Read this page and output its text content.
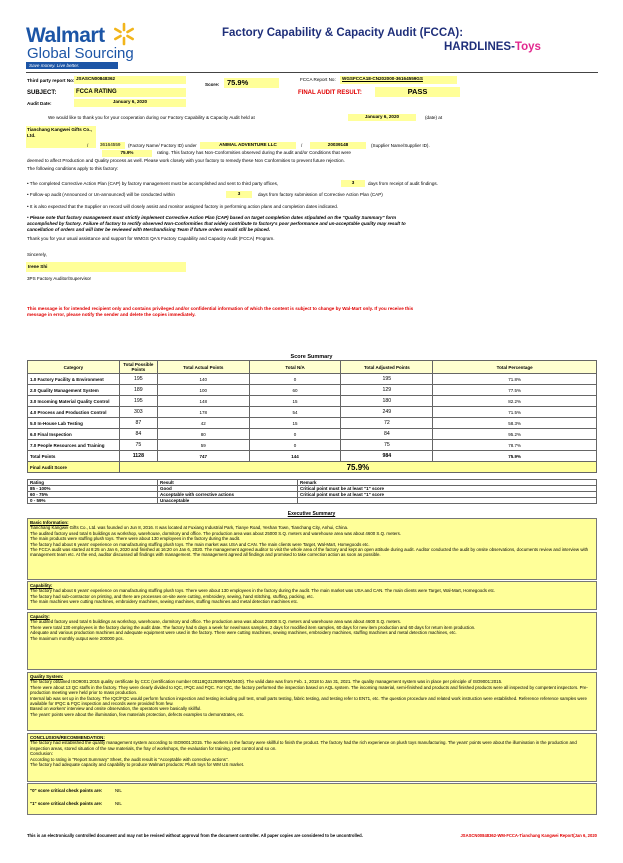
Walmart
Global Sourcing
Save money. Live better.
Factory Capability & Capacity Audit (FCCA):
HARDLINES-Toys
Third party report No: JSASCN00848362
Score:	75.9%	FCCA Report No:	WGSFCCA18-CN202000-36164559GS
SUBJECT:	FCCA RATING	FINAL AUDIT RESULT:	PASS
Audit Date:	January 6, 2020
We would like to thank you for your cooperation during our Factory Capability & Capacity Audit held at	January 6, 2020	(date) at
Tianchang Kangwei Gifts Co., Ltd.
/	36164559	(Factory Name/ Factory ID) under	ANIMAL ADVENTURE LLC	/	20039148	(Supplier Name/Supplier ID).
75.9%	rating. This factory has Non-Conformities observed during the audit and/or Conditions that were
deemed to affect Production and Quality process as well. Please work closely with your factory to remedy these Non Conformities to prevent future rejection.
The following conditions apply to this factory:
• The completed Corrective Action Plan (CAP) by factory management must be accomplished and sent to third party offices,	3	days from receipt of audit findings.
• Follow-up audit (Announced or Un-announced) will be conducted within	3	days from factory submission of Corrective Action Plan (CAP)
• It is also expected that the Supplier on record will closely assist and monitor assigned factory in performing action plans and completion dates indicated.
• Please note that factory management must strictly implement Corrective Action Plan (CAP) based on target completion dates stipulated on the "Quality Summary" form
accomplished by factory. Failure of factory to rectify observed Non-Conformities that widely contribute to factory's poor performance and un-acceptable quality may result to
cancellation of orders and will later be reviewed with Merchandising Team if future orders would still be placed.
Thank you for your usual assistance and support for WMGS QA's Factory Capability and Capacity Audit (FCCA) Program.
Sincerely,
Irene Shi
3PS Factory Auditor/Supervisor
This message is for intended recipient only and contains privileged and/or confidential information of which the content is subject to change by Wal-Mart only. If you receive this
message in error, please notify the sender and delete the copies immediately.
Score Summary
Category	Total Possible Points	Total Actual Points	Total N/A	Total Adjusted Points	Total Percentage
1.0 Factory Facility & Environment	195	140	0	195	71.8%
2.0 Quality Management System	189	100	60	129	77.5%
3.0 Incoming Material Quality Control	195	148	15	180	82.2%
4.0 Process and Production Control	303	178	54	249	71.5%
5.0 In-House Lab Testing	87	42	15	72	58.3%
6.0 Final Inspection	84	80	0	84	95.2%
7.0 People Resources and Training	75	59	0	75	78.7%
Total Points	1128	747	144	984	75.9%
Final Audit Score	75.9%				
Rating	Result	Remark
85 - 100%	Good	Critical point must be at least "1" score
60 - 75%	Acceptable with corrective actions	Critical point must be at least "1" score
0 - 59%	Unacceptable	
Executive Summary
Basic Information:
Tianchang Kangwei Gifts Co., Ltd. was founded on Jun 8, 2016. It was located at Fuxiang Industrial Park, Tianye Road, Yeshan Town, Tianchang City, Anhui, China.
The audited factory used total 6 buildings as workshop, warehouse, dormitory and office. The production area was about 25000 S.Q. meters and warehouse area was about 4600 S.Q. meters.
The main products were stuffing plush toys. There were about 130 employees in the factory during the audit.
The factory had about 6 years' experience on manufacturing stuffing plush toys. The main market was USA and CAN. The main clients were Target, Wal-Mart, Homegoods etc.
The FCCA audit was started at 8:25 on Jan 6, 2020 and finished at 16:20 on Jan 6, 2020. The management agreed auditor to visit the whole area of the factory and kept an open attitude during audit. Auditor conducted the audit by onsite observations, documents review and interview with management team etc. At the end, auditor discussed all findings with management. The management agreed all findings and promised to take correction action as soon as possible.
Capability:
The factory had about 6 years' experience on manufacturing stuffing plush toys. There were about 130 employees in the factory during the audit. The main market was USA and CAN. The main clients were Target, Wal-Mart, Homegoods etc.
The factory had sub-contractor on printing, and there are processes on-site were cutting, embroidery, sewing, hand stitching, stuffing, packing, etc.
The main machines were cutting machines, embroidery machines, sewing machines, stuffing machines and metal detection machines etc.
Capacity:
The audited factory used total 6 buildings as workshop, warehouse, dormitory and office. The production area was about 25000 S.Q. meters and warehouse area was about 4600 S.Q. meters.
There were total 130 employees in the factory during the audit date. The factory had 6 days a week for new/mass samples, 2 days for modified item samples, 60 days for new item production and 60 days for return item production.
Adequate and various production machines and adequate equipment were used in the factory. There were cutting machines, sewing machines, embroidery machines, stuffing machines and metal detection machines, etc.
The maximum monthly output were 200000 pcs.
Quality System:
The factory obtained ISO9001:2015 quality certificate by CCC (certification number 00118Q312595R0M/3400). The valid date was from Feb. 1, 2018 to Jan 31, 2021. The quality management system was in place per principle of ISO9001:2015.
There were about 13 QC staffs in the factory. They were clearly divided to IQC, IPQC and FQC. For IQC, the factory performed the inspection based on AQL system. The incoming material, semi-finished and products and finished products were all inspected by competent inspectors. Pre-production meeting were held prior to mass production.
Internal lab was set up in the factory. The IQC/FQC would perform function inspection and testing including pull test, small parts testing, fabric testing, and testing refer to EN71, etc. The question procedure and related work instruction were established. Reference reference samples were available for IPQC & FQC inspection and records were provided from few.
Based on workers' interview and onsite observation, the operators were basically skillful.
The years' points were about the illumination, few materials protection, defects examples to demonstrates, etc.
CONCLUSION/RECOMMENDATION:
The factory had established the quality management system according to ISO9001:2015. The workers in the factory were skillful to finish the product. The factory had the rich experience on plush toys manufacturing. The years' points were about the illumination in the production and inspection areas, stored situation of the raw materials, the fray of workshops, the evaluation for training, pest control and so on.
Conclusion:
According to rating in "Report Summary" Sheet, the audit result is "Acceptable with corrective actions".
The factory had adequate capacity and capability to produce Walmart products: Plush toys for WM US market.
"0" score critical check points are:	NIL
"1" score critical check points are:	NIL
This is an electronically controlled document and may not be revised without approval from the document controller. All paper copies are considered to be uncontrolled.	JSASCN00848362-WM-FCCA-Tianchang Kangwei Report(Jan 6, 2020
